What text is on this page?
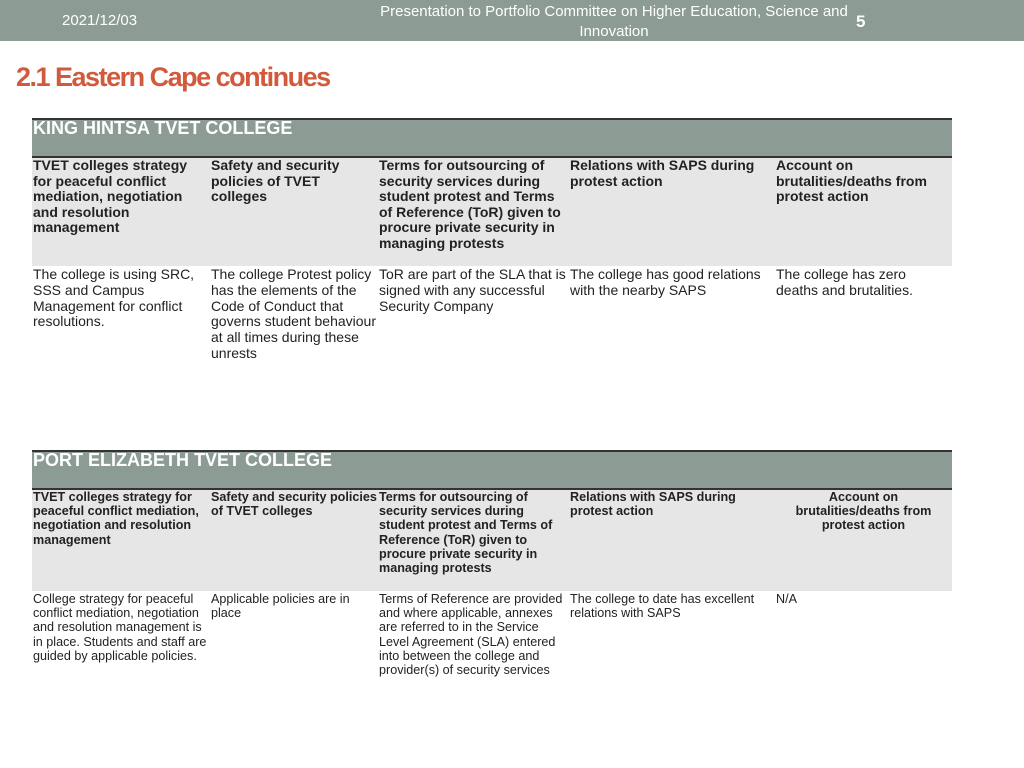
2021/12/03
Presentation to Portfolio Committee on Higher Education, Science and Innovation
5
2.1 Eastern Cape continues
KING HINTSA TVET COLLEGE				
TVET colleges strategy for peaceful conflict mediation, negotiation and resolution management	Safety and security policies of TVET colleges	Terms for outsourcing of security services during student protest and Terms of Reference (ToR) given to procure private security in managing protests	Relations with SAPS during protest action	Account on brutalities/deaths from protest action
The college is using SRC, SSS and Campus Management for conflict resolutions.	The college Protest policy has the elements of the Code of Conduct that governs student behaviour at all times during these unrests	ToR are part of the SLA that is signed with any successful Security Company	The college has good relations with the nearby SAPS	The college has zero deaths and brutalities.
PORT ELIZABETH TVET COLLEGE				
TVET colleges strategy for peaceful conflict mediation, negotiation and resolution management	Safety and security policies of TVET colleges	Terms for outsourcing of security services during student protest and Terms of Reference (ToR) given to procure private security in managing protests	Relations with SAPS during protest action	Account on brutalities/deaths from protest action
College strategy for peaceful conflict mediation, negotiation and resolution management is in place. Students and staff are guided by applicable policies.	Applicable policies are in place	Terms of Reference are provided and where applicable, annexes are referred to in the Service Level Agreement (SLA) entered into between the college and provider(s) of security services	The college to date has excellent relations with SAPS	N/A
